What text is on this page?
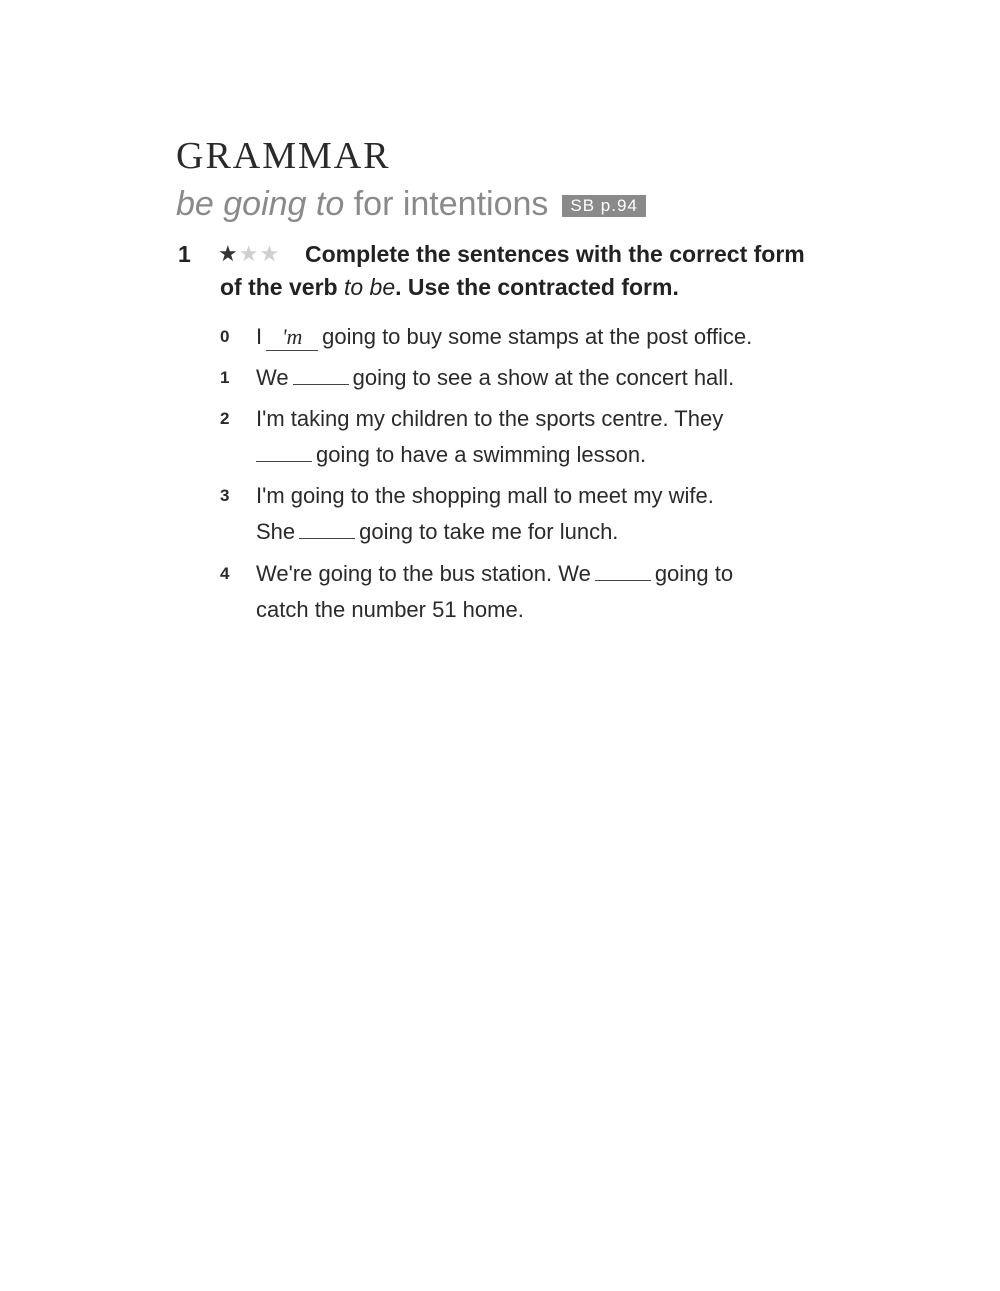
GRAMMAR
be going to for intentions SB p.94
1 ★★★	Complete the sentences with the correct form of the verb to be. Use the contracted form.
0	I 'm going to buy some stamps at the post office.
1	We	going to see a show at the concert hall.
2	I'm taking my children to the sports centre. They
going to have a swimming lesson.
3	I'm going to the shopping mall to meet my wife.
She	going to take me for lunch.
4	We're going to the bus station. We	going to
catch the number 51 home.
